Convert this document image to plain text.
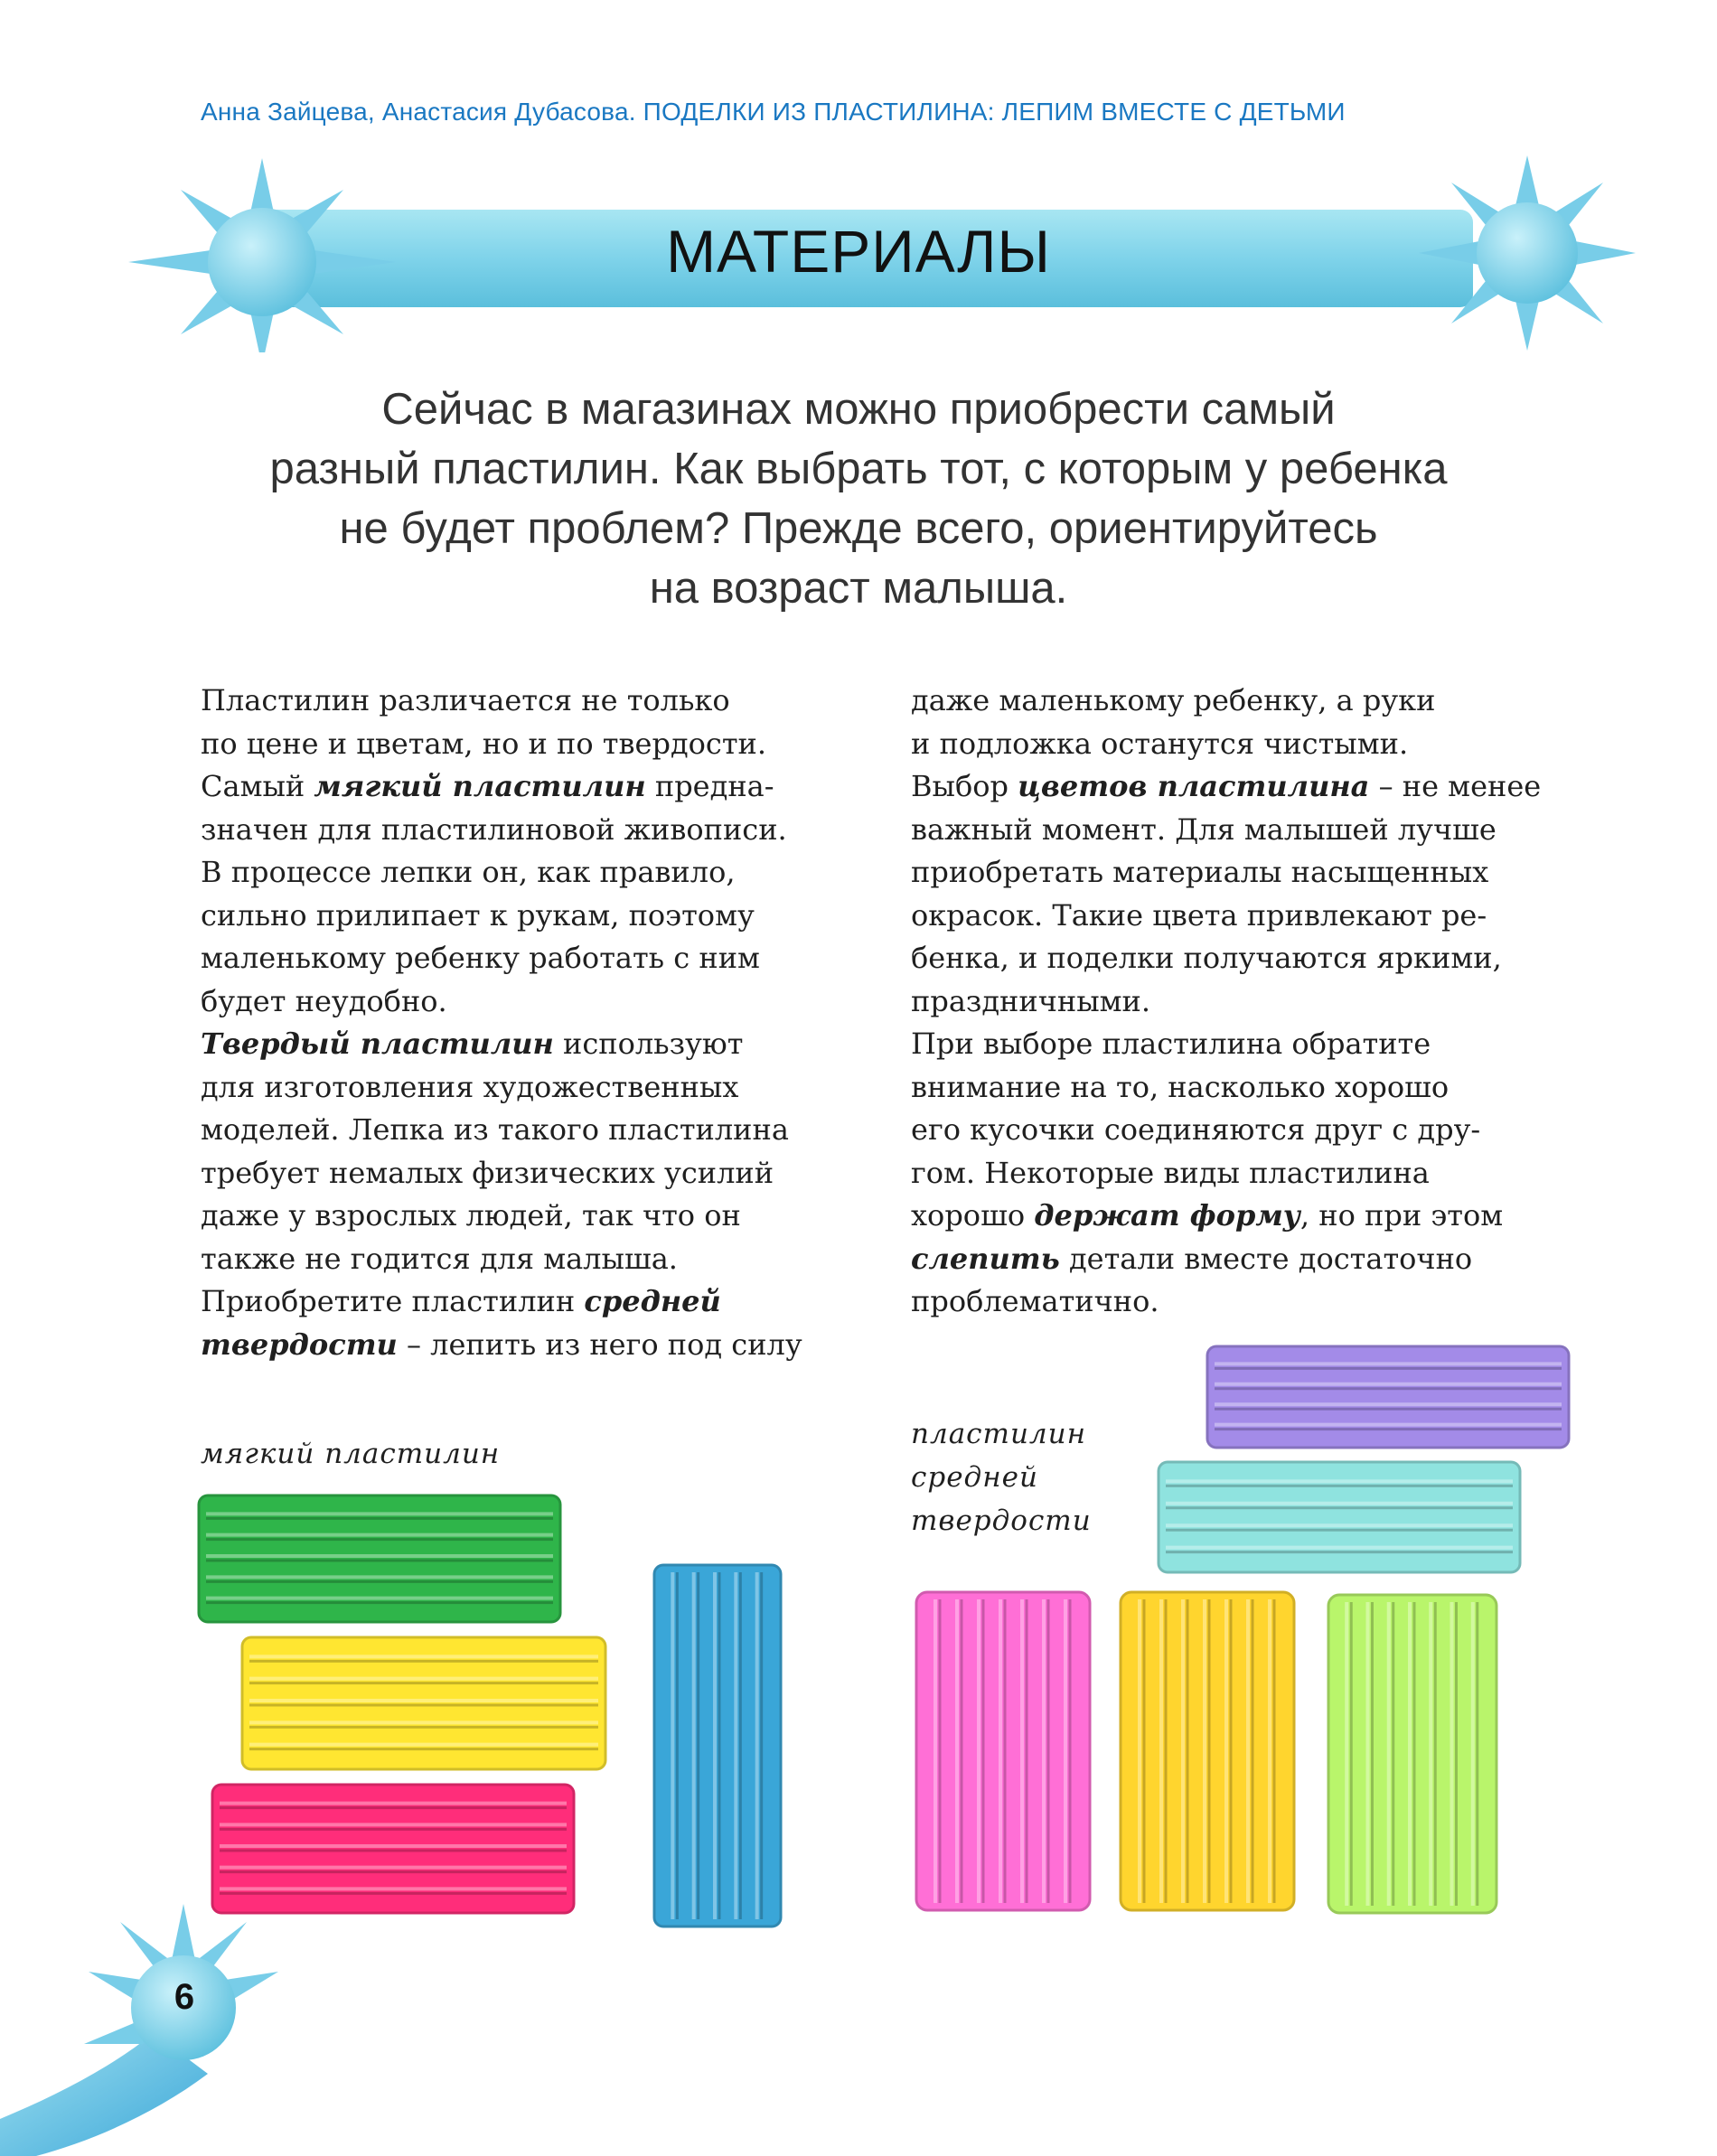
Анна Зайцева, Анастасия Дубасова. ПОДЕЛКИ ИЗ ПЛАСТИЛИНА: ЛЕПИМ ВМЕСТЕ С ДЕТЬМИ
МАТЕРИАЛЫ
Сейчас в магазинах можно приобрести самый
разный пластилин. Как выбрать тот, с которым у ребенка
не будет проблем? Прежде всего, ориентируйтесь
на возраст малыша.
Пластилин различается не только
по цене и цветам, но и по твердости.
Самый мягкий пластилин предна-
значен для пластилиновой живописи.
В процессе лепки он, как правило,
сильно прилипает к рукам, поэтому
маленькому ребенку работать с ним
будет неудобно.
Твердый пластилин используют
для изготовления художественных
моделей. Лепка из такого пластилина
требует немалых физических усилий
даже у взрослых людей, так что он
также не годится для малыша.
Приобретите пластилин средней
твердости – лепить из него под силу
даже маленькому ребенку, а руки
и подложка останутся чистыми.
Выбор цветов пластилина – не менее
важный момент. Для малышей лучше
приобретать материалы насыщенных
окрасок. Такие цвета привлекают ре-
бенка, и поделки получаются яркими,
праздничными.
При выборе пластилина обратите
внимание на то, насколько хорошо
его кусочки соединяются друг с дру-
гом. Некоторые виды пластилина
хорошо держат форму, но при этом
слепить детали вместе достаточно
проблематично.
мягкий пластилин
пластилин
средней
твердости
6
